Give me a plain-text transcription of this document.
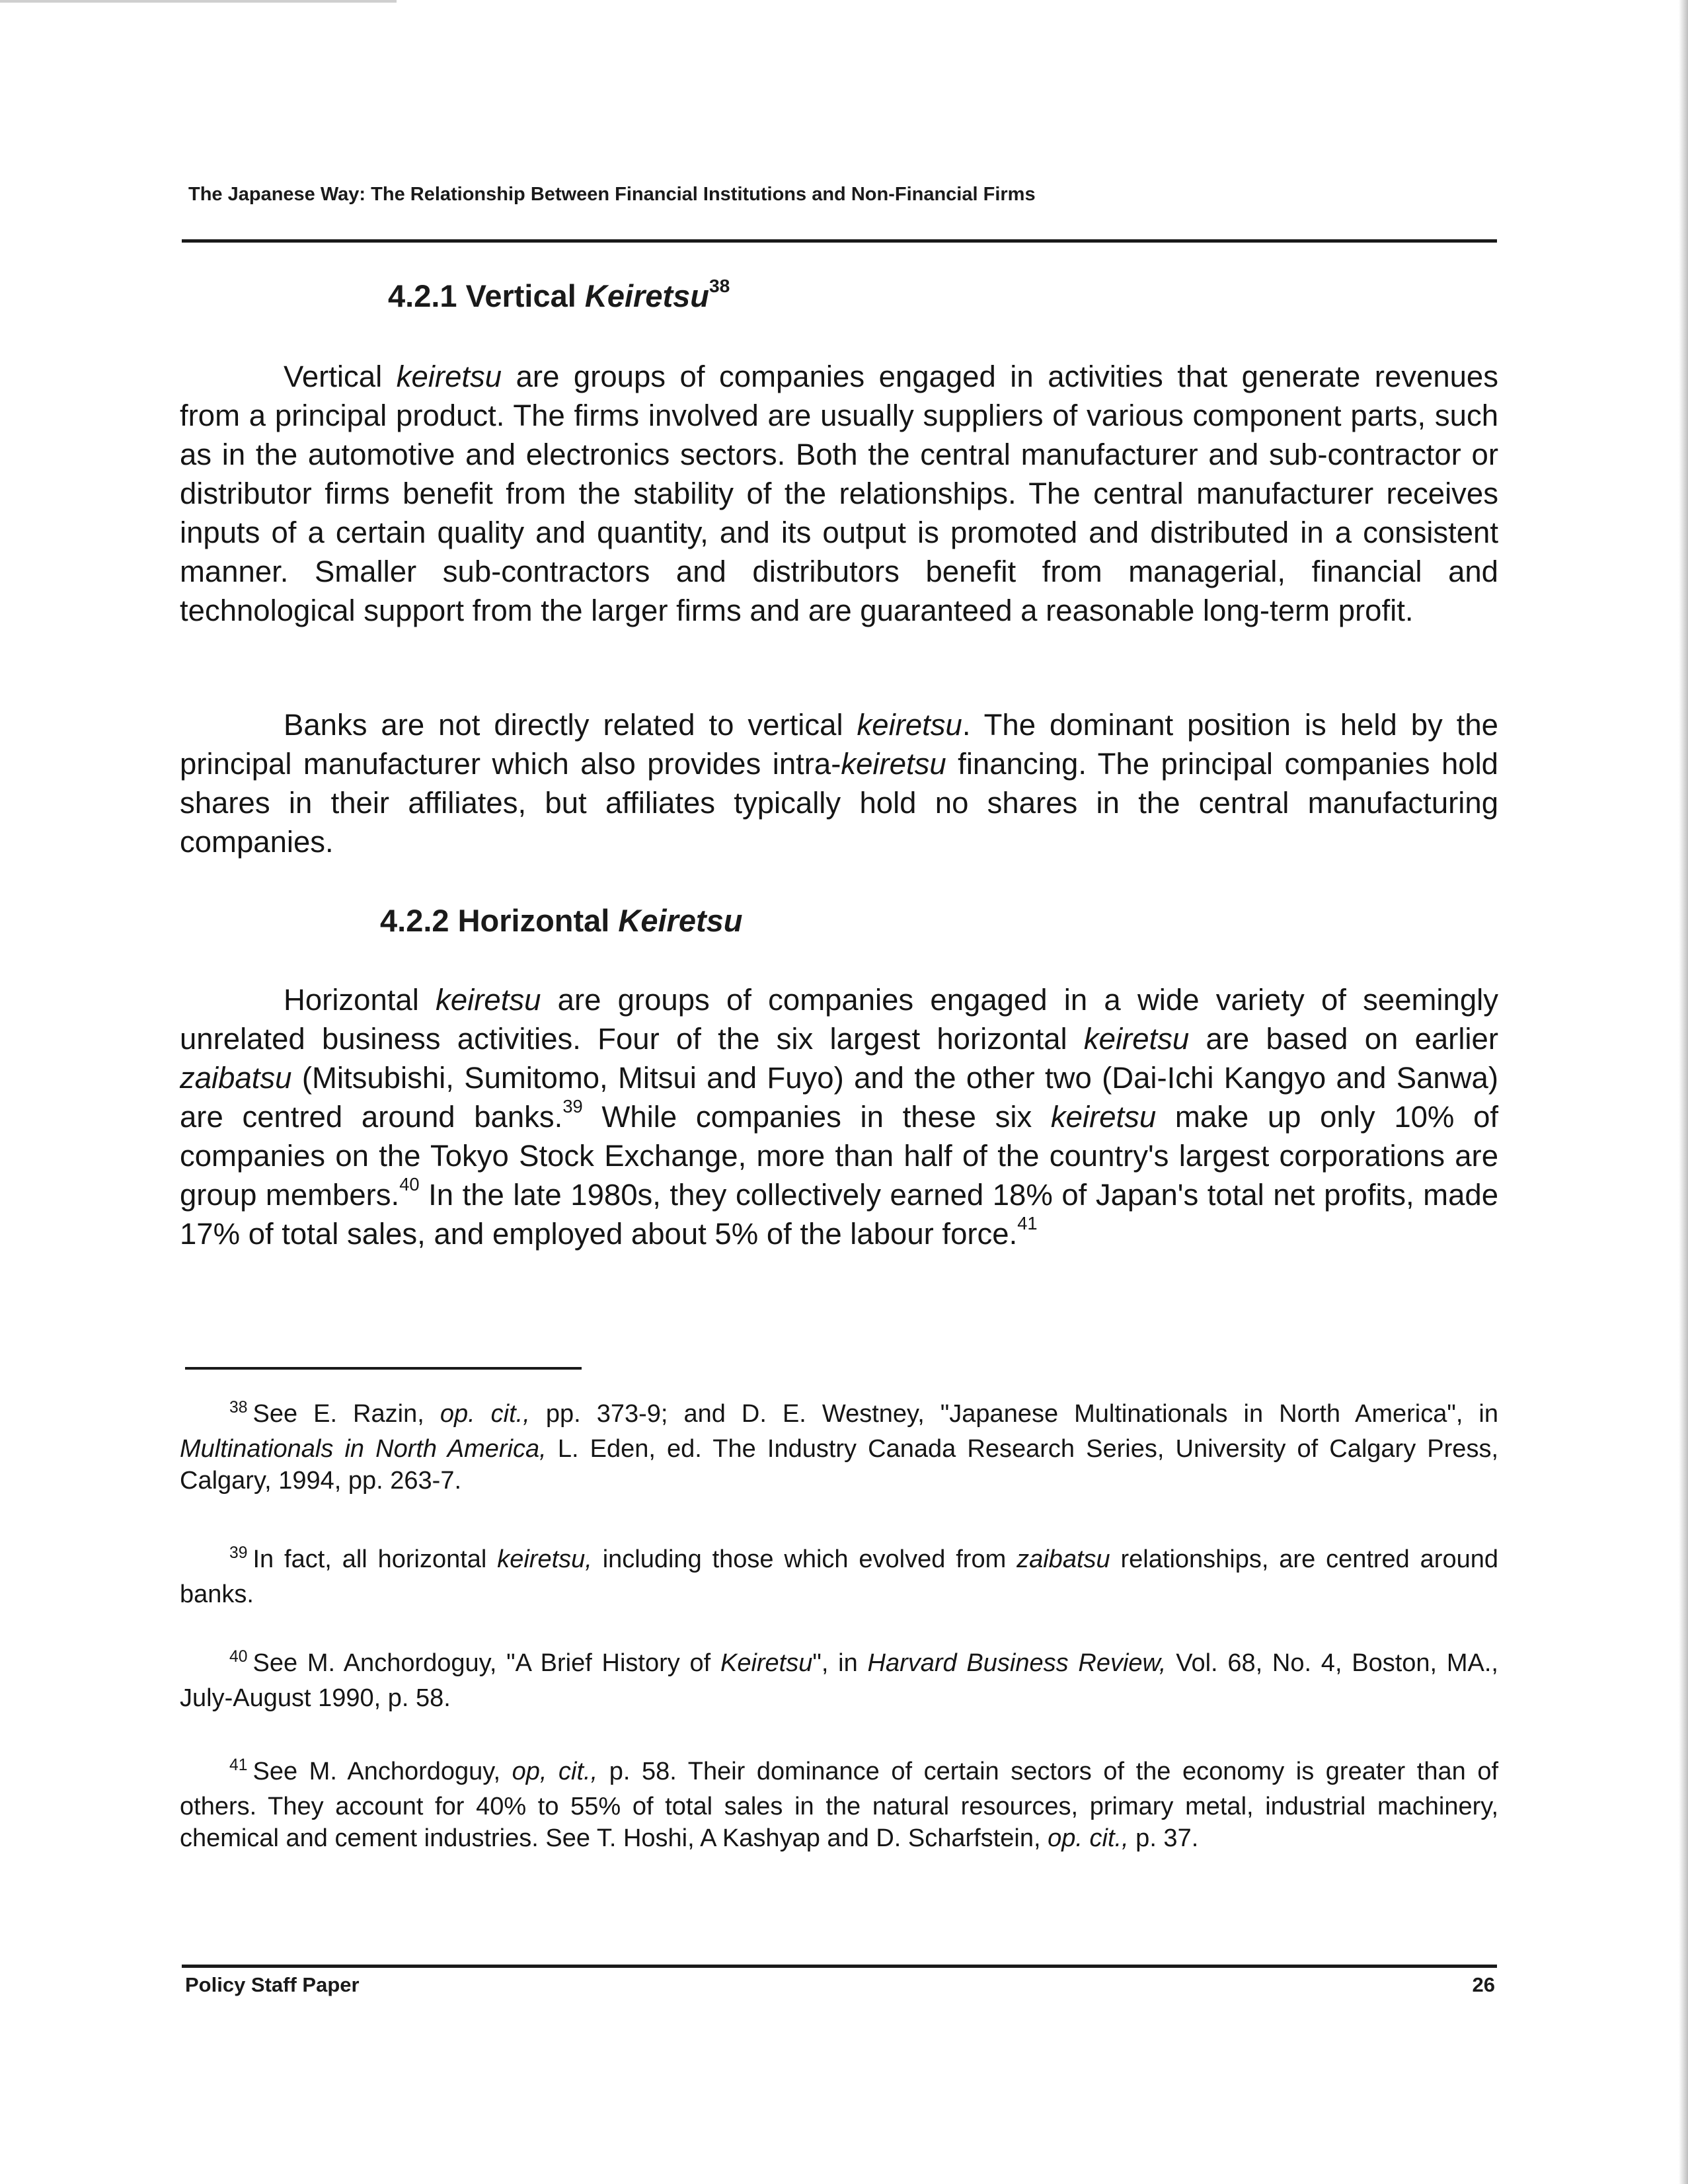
The Japanese Way: The Relationship Between Financial Institutions and Non-Financial Firms
4.2.1 Vertical Keiretsu$^{38}$

Vertical keiretsu are groups of companies engaged in activities that generate revenues from a principal product. The firms involved are usually suppliers of various component parts, such as in the automotive and electronics sectors. Both the central manufacturer and sub-contractor or distributor firms benefit from the stability of the relationships. The central manufacturer receives inputs of a certain quality and quantity, and its output is promoted and distributed in a consistent manner. Smaller sub-contractors and distributors benefit from managerial, financial and technological support from the larger firms and are guaranteed a reasonable long-term profit.

Banks are not directly related to vertical keiretsu. The dominant position is held by the principal manufacturer which also provides intra-keiretsu financing. The principal companies hold shares in their affiliates, but affiliates typically hold no shares in the central manufacturing companies.

4.2.2 Horizontal Keiretsu

Horizontal keiretsu are groups of companies engaged in a wide variety of seemingly unrelated business activities. Four of the six largest horizontal keiretsu are based on earlier zaibatsu (Mitsubishi, Sumitomo, Mitsui and Fuyo) and the other two (Dai-Ichi Kangyo and Sanwa) are centred around banks.$^{39}$ While companies in these six keiretsu make up only 10% of companies on the Tokyo Stock Exchange, more than half of the country's largest corporations are group members.$^{40}$ In the late 1980s, they collectively earned 18% of Japan's total net profits, made 17% of total sales, and employed about 5% of the labour force.$^{41}$

$^{38}$ See E. Razin, op. cit., pp. 373-9; and D. E. Westney, "Japanese Multinationals in North America", in Multinationals in North America, L. Eden, ed. The Industry Canada Research Series, University of Calgary Press, Calgary, 1994, pp. 263-7.

$^{39}$ In fact, all horizontal keiretsu, including those which evolved from zaibatsu relationships, are centred around banks.

$^{40}$ See M. Anchordoguy, "A Brief History of Keiretsu", in Harvard Business Review, Vol. 68, No. 4, Boston, MA., July-August 1990, p. 58.

$^{41}$ See M. Anchordoguy, op, cit., p. 58. Their dominance of certain sectors of the economy is greater than of others. They account for 40% to 55% of total sales in the natural resources, primary metal, industrial machinery, chemical and cement industries. See T. Hoshi, A Kashyap and D. Scharfstein, op. cit., p. 37.

Policy Staff Paper	26
